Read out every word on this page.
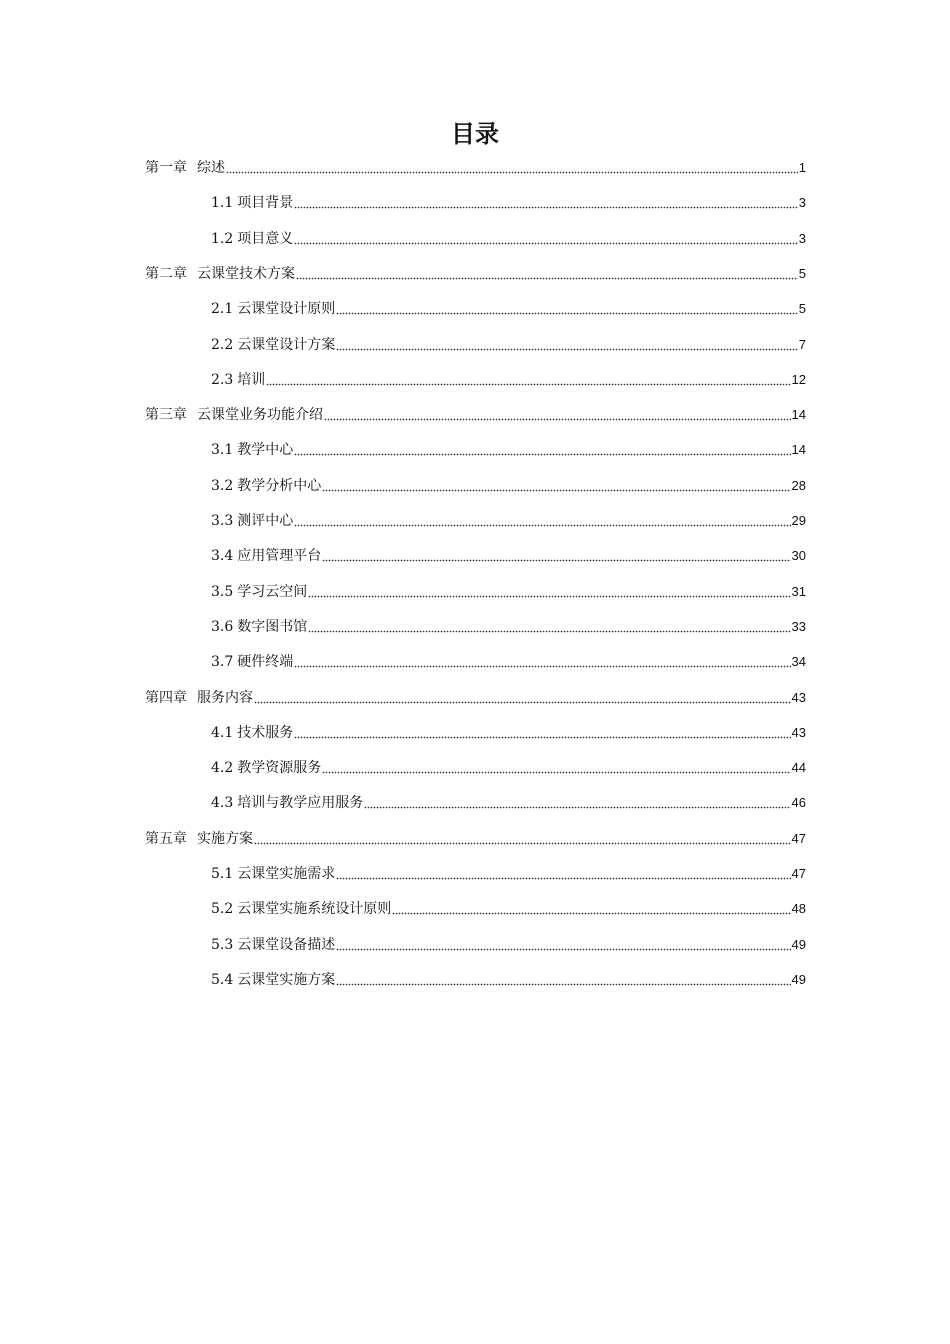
目录
第一章 综述	1
1.1 项目背景	3
1.2 项目意义	3
第二章 云课堂技术方案	5
2.1 云课堂设计原则	5
2.2 云课堂设计方案	7
2.3 培训	12
第三章 云课堂业务功能介绍	14
3.1 教学中心	14
3.2 教学分析中心	28
3.3 测评中心	29
3.4 应用管理平台	30
3.5 学习云空间	31
3.6 数字图书馆	33
3.7 硬件终端	34
第四章 服务内容	43
4.1 技术服务	43
4.2 教学资源服务	44
4.3 培训与教学应用服务	46
第五章 实施方案	47
5.1 云课堂实施需求	47
5.2 云课堂实施系统设计原则	48
5.3 云课堂设备描述	49
5.4 云课堂实施方案	49
